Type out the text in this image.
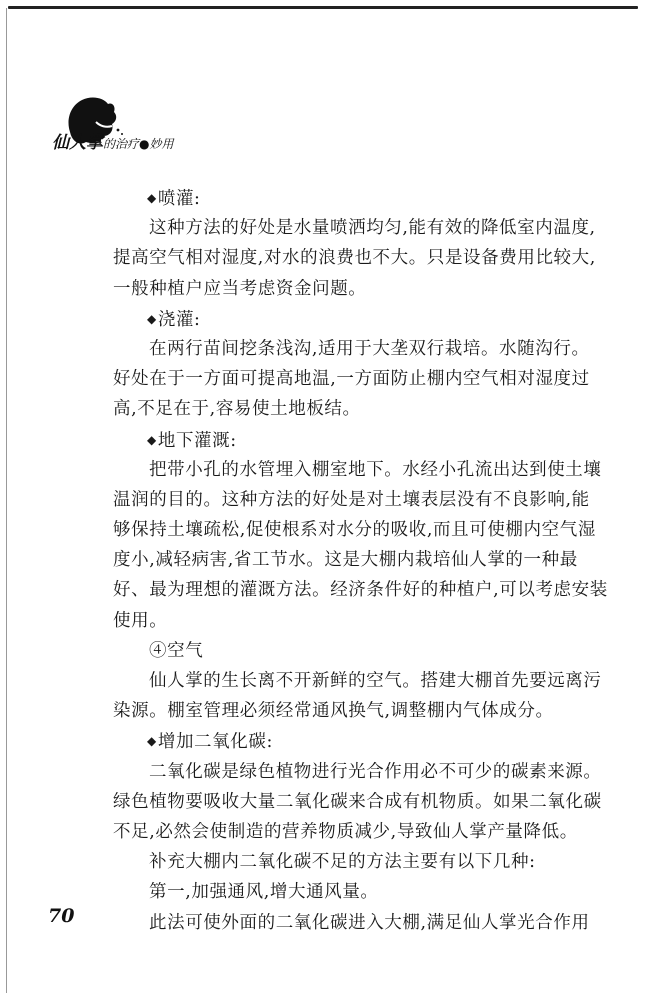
仙人掌的治疗●妙用
◆喷灌:
这种方法的好处是水量喷洒均匀,能有效的降低室内温度,
提高空气相对湿度,对水的浪费也不大。只是设备费用比较大,
一般种植户应当考虑资金问题。
◆浇灌:
在两行苗间挖条浅沟,适用于大垄双行栽培。水随沟行。
好处在于一方面可提高地温,一方面防止棚内空气相对湿度过
高,不足在于,容易使土地板结。
◆地下灌溉:
把带小孔的水管埋入棚室地下。水经小孔流出达到使土壤
温润的目的。这种方法的好处是对土壤表层没有不良影响,能
够保持土壤疏松,促使根系对水分的吸收,而且可使棚内空气湿
度小,减轻病害,省工节水。这是大棚内栽培仙人掌的一种最
好、最为理想的灌溉方法。经济条件好的种植户,可以考虑安装
使用。
④空气
仙人掌的生长离不开新鲜的空气。搭建大棚首先要远离污
染源。棚室管理必须经常通风换气,调整棚内气体成分。
◆增加二氧化碳:
二氧化碳是绿色植物进行光合作用必不可少的碳素来源。
绿色植物要吸收大量二氧化碳来合成有机物质。如果二氧化碳
不足,必然会使制造的营养物质减少,导致仙人掌产量降低。
补充大棚内二氧化碳不足的方法主要有以下几种:
第一,加强通风,增大通风量。
此法可使外面的二氧化碳进入大棚,满足仙人掌光合作用
70
